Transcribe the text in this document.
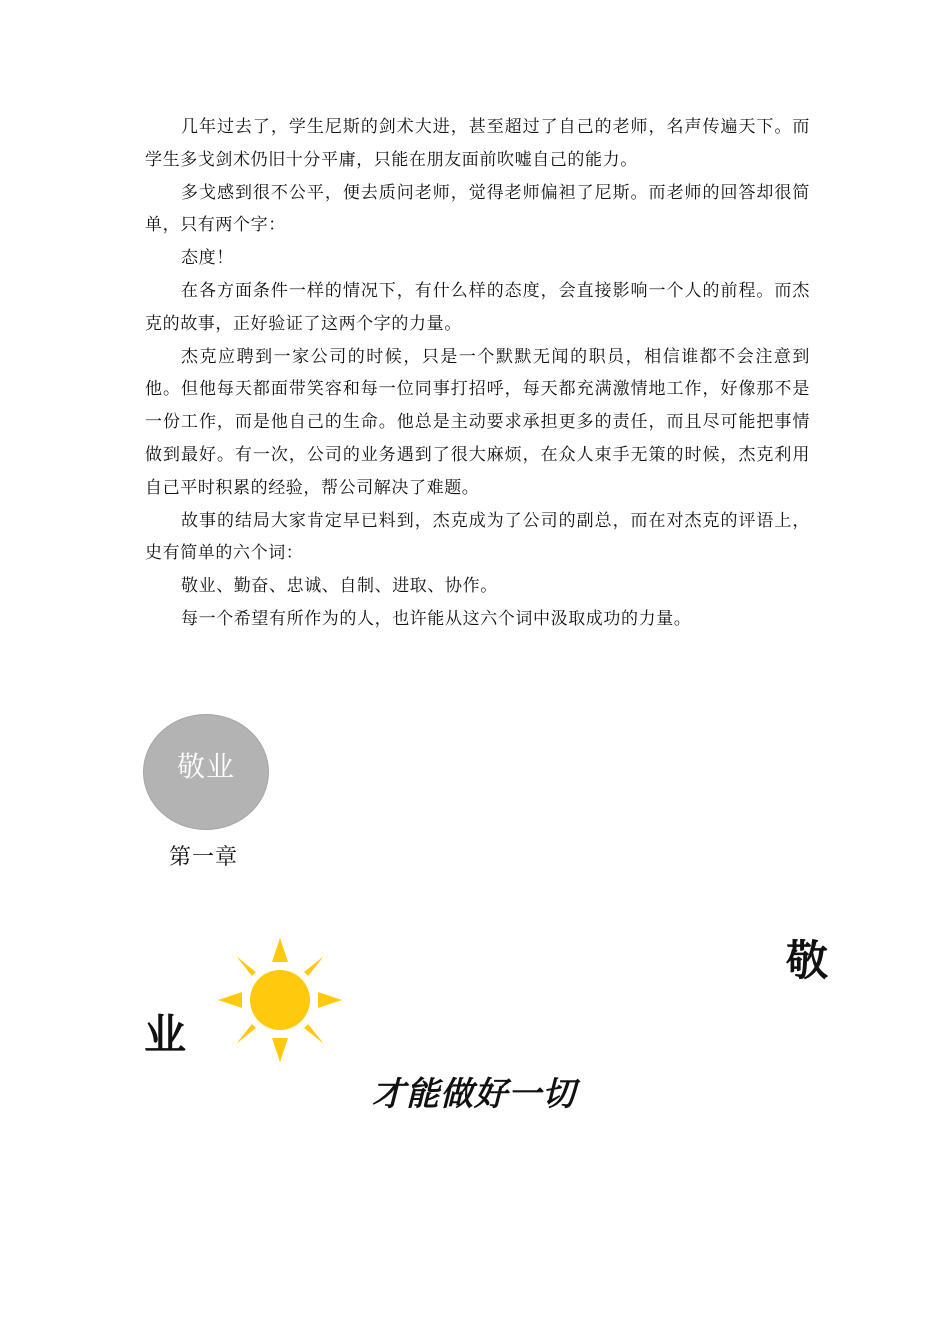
几年过去了，学生尼斯的剑术大进，甚至超过了自己的老师，名声传遍天下。而学生多戈剑术仍旧十分平庸，只能在朋友面前吹嘘自己的能力。

多戈感到很不公平，便去质问老师，觉得老师偏袒了尼斯。而老师的回答却很简单，只有两个字：

态度！

在各方面条件一样的情况下，有什么样的态度，会直接影响一个人的前程。而杰克的故事，正好验证了这两个字的力量。

杰克应聘到一家公司的时候，只是一个默默无闻的职员，相信谁都不会注意到他。但他每天都面带笑容和每一位同事打招呼，每天都充满激情地工作，好像那不是一份工作，而是他自己的生命。他总是主动要求承担更多的责任，而且尽可能把事情做到最好。有一次，公司的业务遇到了很大麻烦，在众人束手无策的时候，杰克利用自己平时积累的经验，帮公司解决了难题。

故事的结局大家肯定早已料到，杰克成为了公司的副总，而在对杰克的评语上，史有简单的六个词：

敬业、勤奋、忠诚、自制、进取、协作。

每一个希望有所作为的人，也许能从这六个词中汲取成功的力量。

敬业
第一章
敬
业
才能做好一切
